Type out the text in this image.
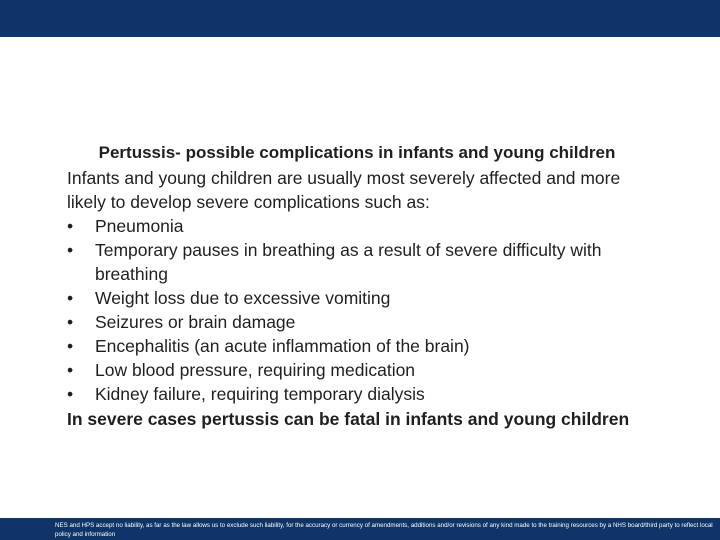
Pertussis- possible complications in infants and young children

Infants and young children are usually most severely affected and more likely to develop severe complications such as:

•	Pneumonia
•	Temporary pauses in breathing as a result of severe difficulty with breathing
•	Weight loss due to excessive vomiting
•	Seizures or brain damage
•	Encephalitis (an acute inflammation of the brain)
•	Low blood pressure, requiring medication
•	Kidney failure, requiring temporary dialysis

In severe cases pertussis can be fatal in infants and young children

NES and HPS accept no liability, as far as the law allows us to exclude such liability, for the accuracy or currency of amendments, additions and/or revisions of any kind made to the training resources by a NHS board/third party to reflect local policy and information
